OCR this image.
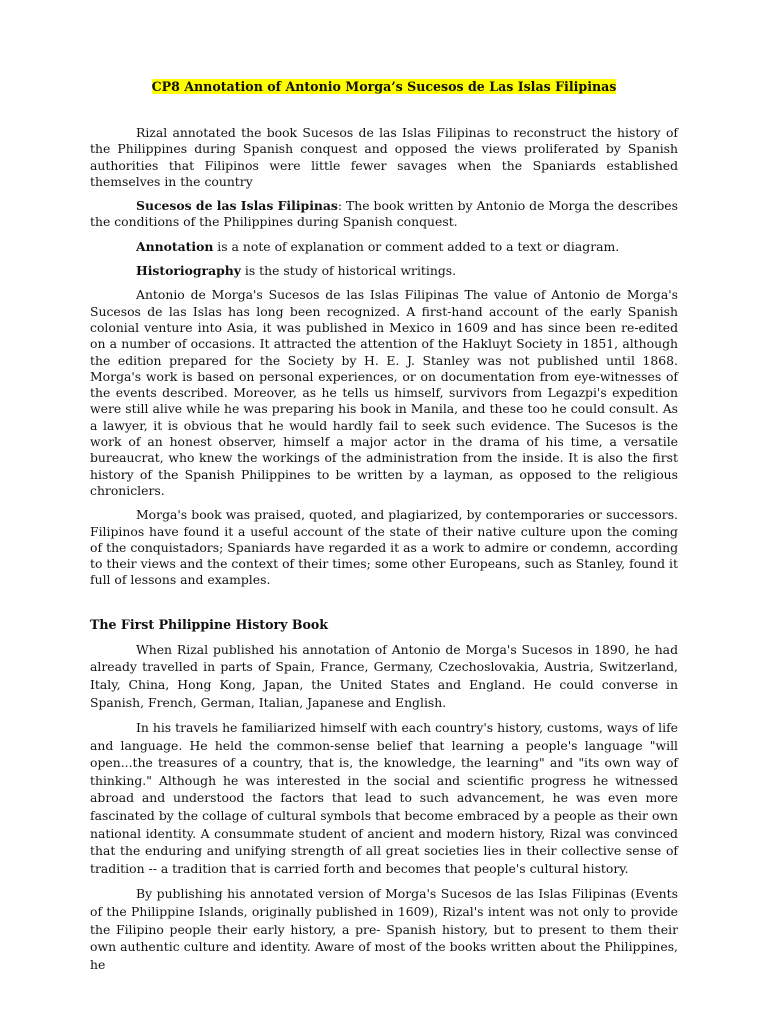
CP8 Annotation of Antonio Morga’s Sucesos de Las Islas Filipinas

Rizal annotated the book Sucesos de las Islas Filipinas to reconstruct the history of the Philippines during Spanish conquest and opposed the views proliferated by Spanish authorities that Filipinos were little fewer savages when the Spaniards established themselves in the country

Sucesos de las Islas Filipinas: The book written by Antonio de Morga the describes the conditions of the Philippines during Spanish conquest.

Annotation is a note of explanation or comment added to a text or diagram.

Historiography is the study of historical writings.

Antonio de Morga's Sucesos de las Islas Filipinas The value of Antonio de Morga's Sucesos de las Islas has long been recognized. A first-hand account of the early Spanish colonial venture into Asia, it was published in Mexico in 1609 and has since been re-edited on a number of occasions. It attracted the attention of the Hakluyt Society in 1851, although the edition prepared for the Society by H. E. J. Stanley was not published until 1868. Morga's work is based on personal experiences, or on documentation from eye-witnesses of the events described. Moreover, as he tells us himself, survivors from Legazpi's expedition were still alive while he was preparing his book in Manila, and these too he could consult. As a lawyer, it is obvious that he would hardly fail to seek such evidence. The Sucesos is the work of an honest observer, himself a major actor in the drama of his time, a versatile bureaucrat, who knew the workings of the administration from the inside. It is also the first history of the Spanish Philippines to be written by a layman, as opposed to the religious chroniclers.

Morga's book was praised, quoted, and plagiarized, by contemporaries or successors. Filipinos have found it a useful account of the state of their native culture upon the coming of the conquistadors; Spaniards have regarded it as a work to admire or condemn, according to their views and the context of their times; some other Europeans, such as Stanley, found it full of lessons and examples.

The First Philippine History Book

When Rizal published his annotation of Antonio de Morga's Sucesos in 1890, he had already travelled in parts of Spain, France, Germany, Czechoslovakia, Austria, Switzerland, Italy, China, Hong Kong, Japan, the United States and England. He could converse in Spanish, French, German, Italian, Japanese and English.

In his travels he familiarized himself with each country's history, customs, ways of life and language. He held the common-sense belief that learning a people's language "will open...the treasures of a country, that is, the knowledge, the learning" and "its own way of thinking." Although he was interested in the social and scientific progress he witnessed abroad and understood the factors that lead to such advancement, he was even more fascinated by the collage of cultural symbols that become embraced by a people as their own national identity. A consummate student of ancient and modern history, Rizal was convinced that the enduring and unifying strength of all great societies lies in their collective sense of tradition -- a tradition that is carried forth and becomes that people's cultural history.

By publishing his annotated version of Morga's Sucesos de las Islas Filipinas (Events of the Philippine Islands, originally published in 1609), Rizal's intent was not only to provide the Filipino people their early history, a pre- Spanish history, but to present to them their own authentic culture and identity. Aware of most of the books written about the Philippines, he
